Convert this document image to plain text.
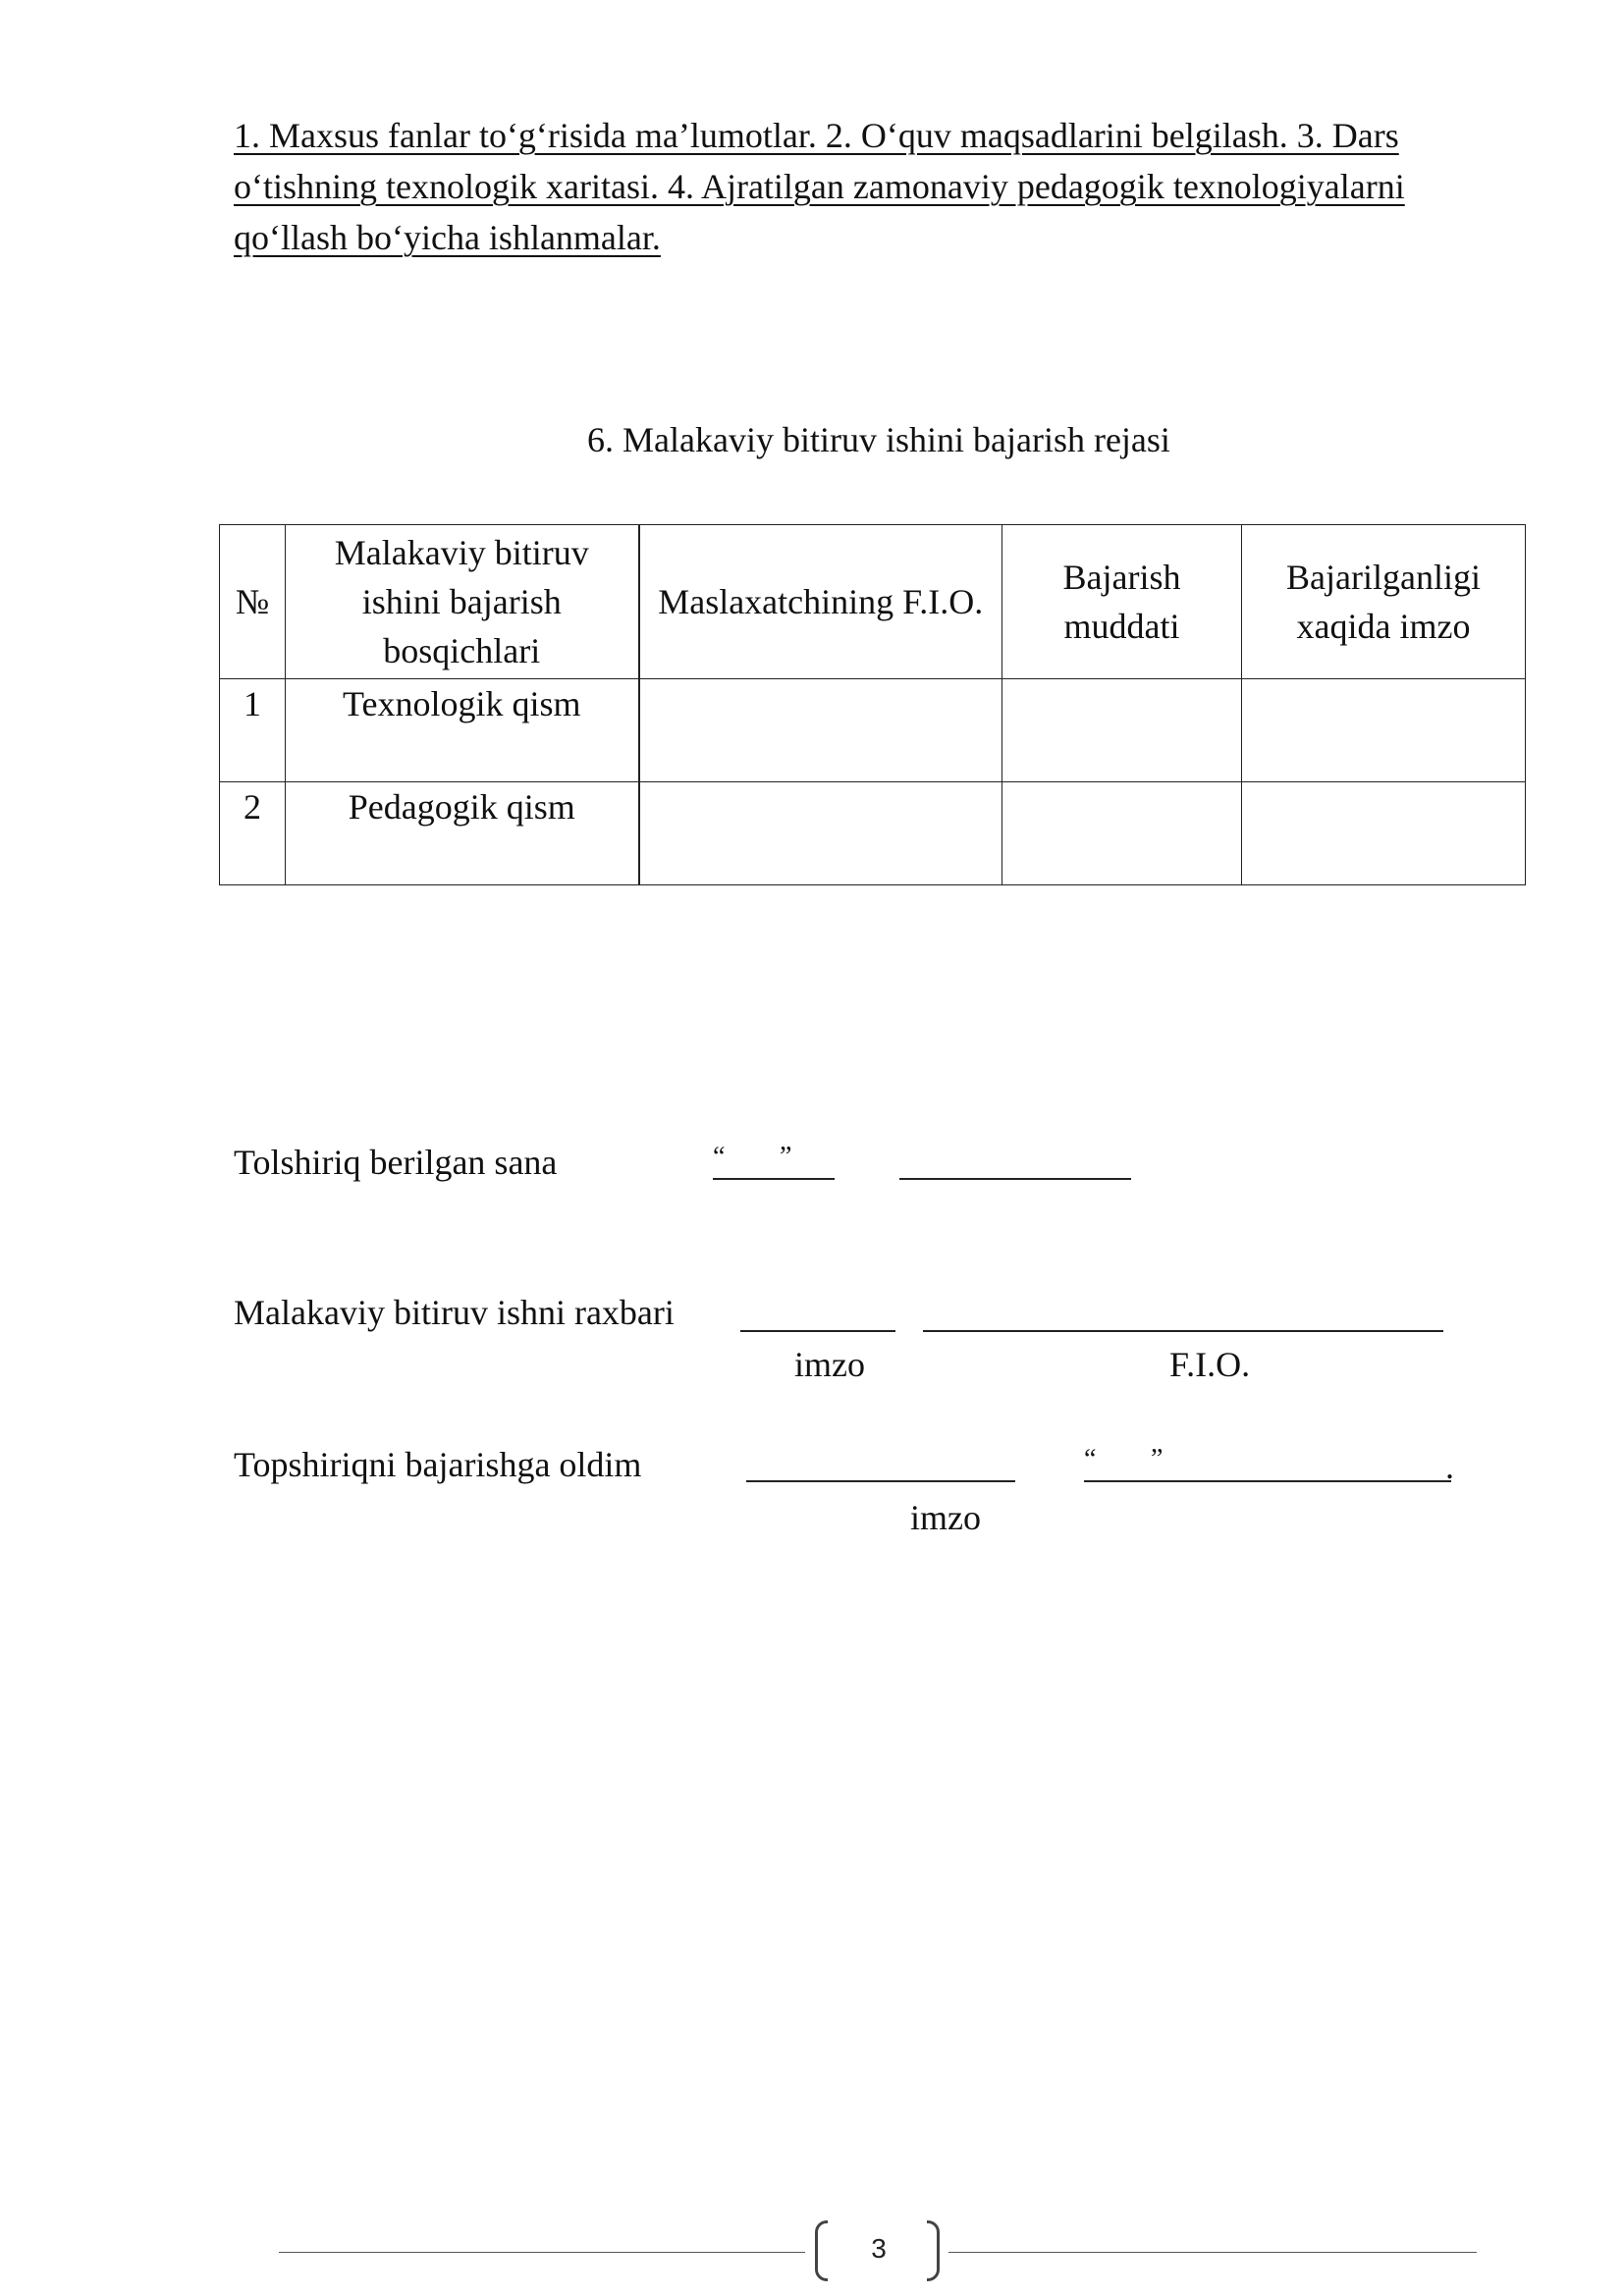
1. Maxsus fanlar to‘g‘risida ma’lumotlar. 2. O‘quv maqsadlarini belgilash. 3. Dars o‘tishning texnologik xaritasi. 4. Ajratilgan zamonaviy pedagogik texnologiyalarni qo‘llash bo‘yicha ishlanmalar.
6. Malakaviy bitiruv ishini bajarish rejasi
№	Malakaviy bitiruv ishini bajarish bosqichlari	Maslaxatchining F.I.O.	Bajarish muddati	Bajarilganligi xaqida imzo
1	Texnologik qism			
2	Pedagogik qism			
Tolshiriq berilgan sana	“ ”
Malakaviy bitiruv ishni raxbari
imzo	F.I.O.
Topshiriqni bajarishga oldim	“ ”	.
imzo
3
